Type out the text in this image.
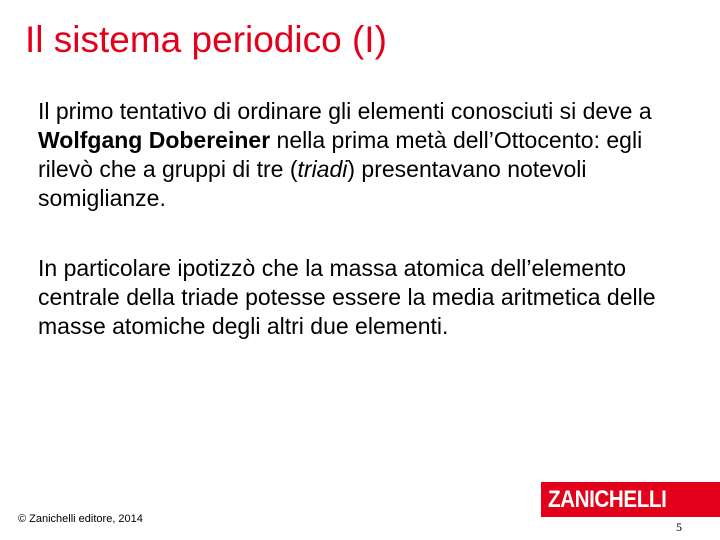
Il sistema periodico (I)

Il primo tentativo di ordinare gli elementi conosciuti si deve a Wolfgang Dobereiner nella prima metà dell’Ottocento: egli rilevò che a gruppi di tre (triadi) presentavano notevoli somiglianze.

In particolare ipotizzò che la massa atomica dell’elemento centrale della triade potesse essere la media aritmetica delle masse atomiche degli altri due elementi.

© Zanichelli editore, 2014
ZANICHELLI
5
